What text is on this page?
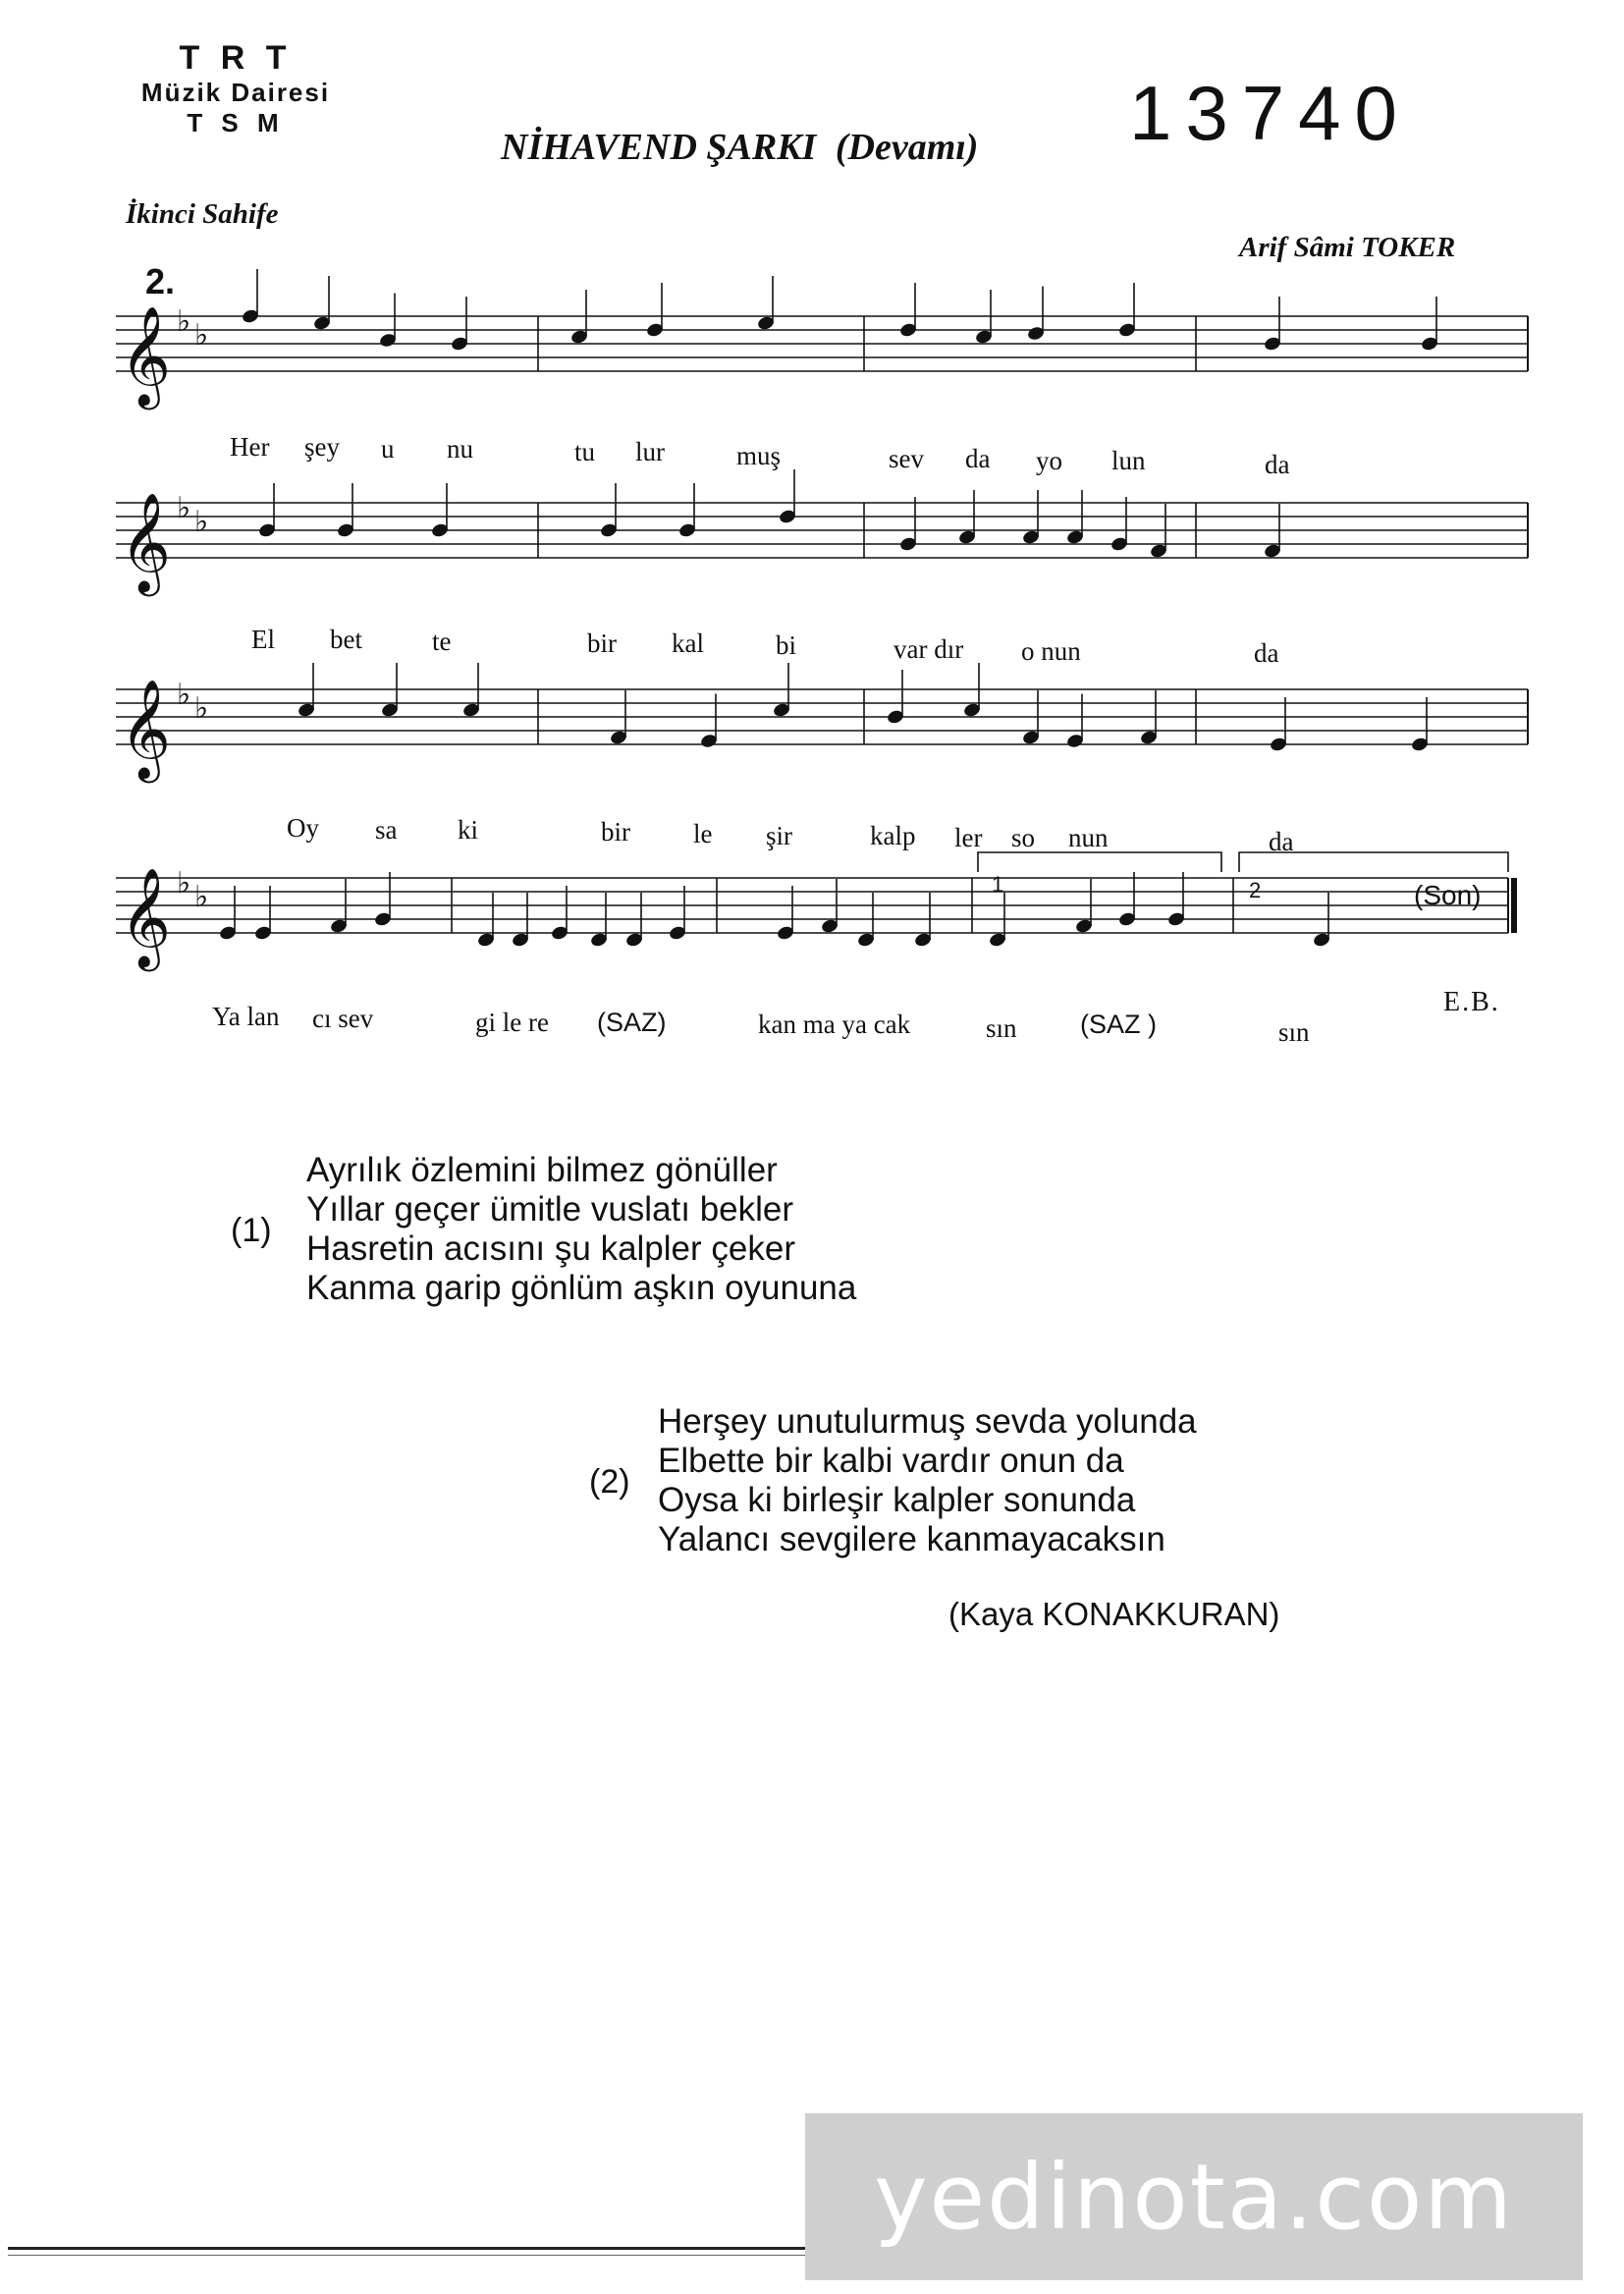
T R T
Müzik Dairesi
T S M
NİHAVEND ŞARKI (Devamı) 13740
İkinci Sahife
Arif Sâmi TOKER
2.
𝄞 ♭ ♭
𝄞 ♭ ♭
𝄞 ♭ ♭
𝄞 ♭ ♭	1	2	(Son)
E.B.
Her şey u nu	tu lur	muş	sev da yo lun	da
El bet	te	bir kal	bi	var dır o nun	da
Oy sa ki	bir le şir	kalp ler so nun	da
Ya lan cı sev	gi le re (SAZ)	kan ma ya cak	sın (SAZ )	sın
(1)
Ayrılık özlemini bilmez gönüller
Yıllar geçer ümitle vuslatı bekler
Hasretin acısını şu kalpler çeker
Kanma garip gönlüm aşkın oyununa
(2)
Herşey unutulurmuş sevda yolunda
Elbette bir kalbi vardır onun da
Oysa ki birleşir kalpler sonunda
Yalancı sevgilere kanmayacaksın
(Kaya KONAKKURAN)
yedinota.com
